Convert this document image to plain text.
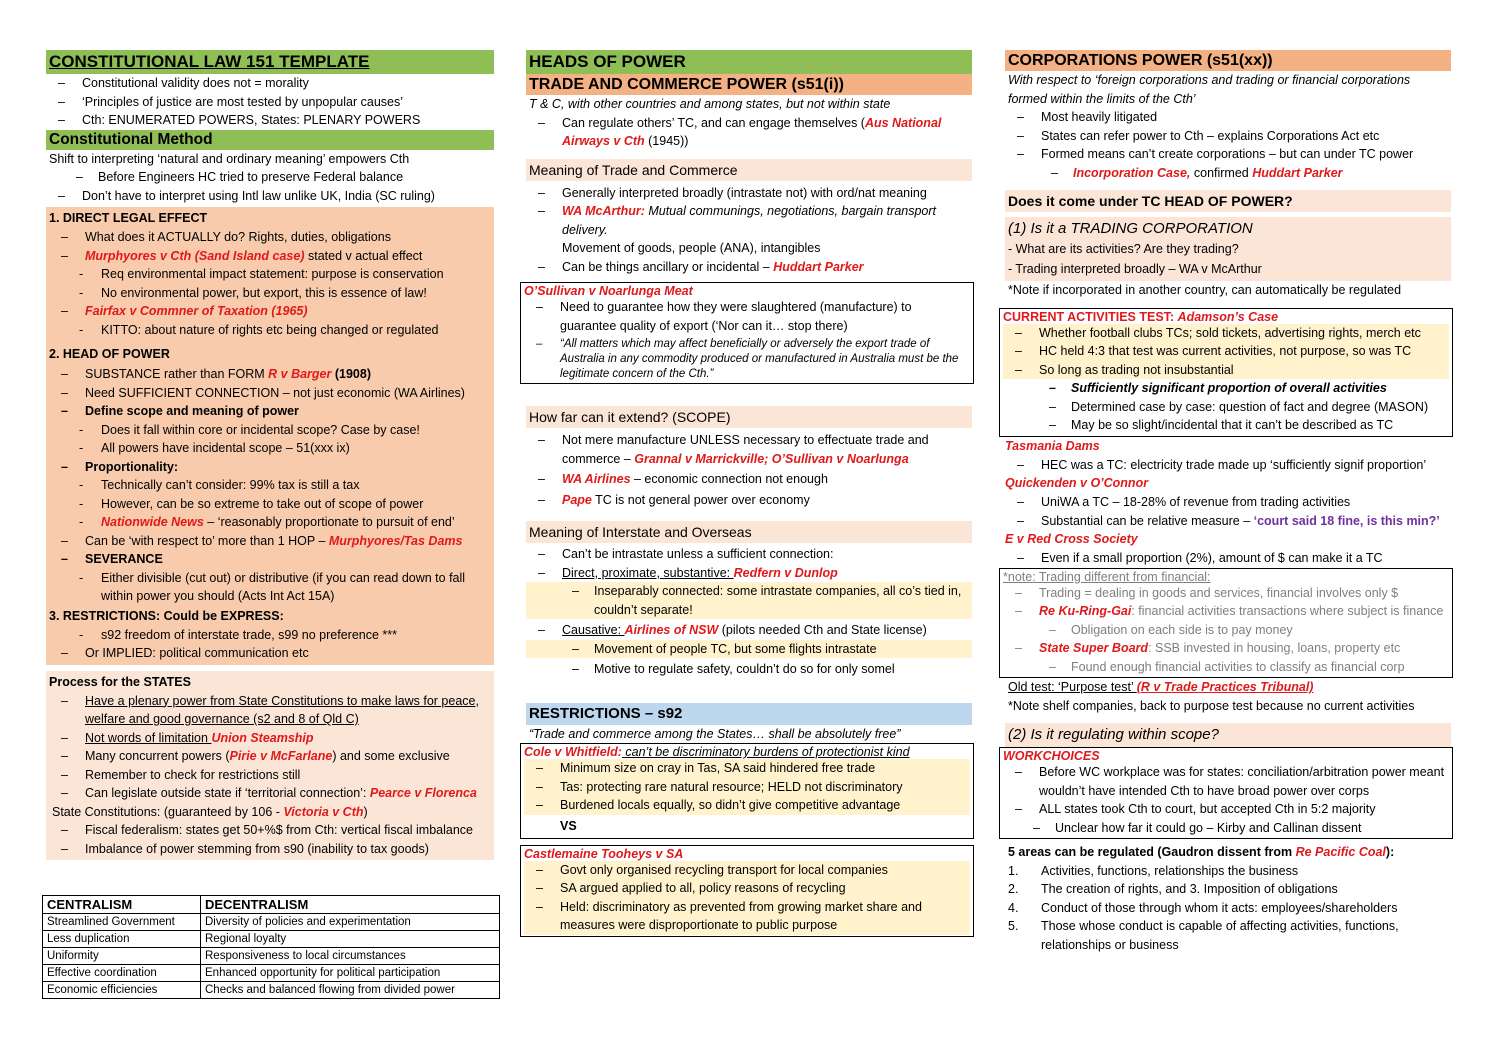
CONSTITUTIONAL LAW 151 TEMPLATE
– Constitutional validity does not = morality
– ‘Principles of justice are most tested by unpopular causes’
– Cth: ENUMERATED POWERS, States: PLENARY POWERS
Constitutional Method
Shift to interpreting ‘natural and ordinary meaning’ empowers Cth
– Before Engineers HC tried to preserve Federal balance
– Don’t have to interpret using Intl law unlike UK, India (SC ruling)
1. DIRECT LEGAL EFFECT
– What does it ACTUALLY do? Rights, duties, obligations
– Murphyores v Cth (Sand Island case) stated v actual effect
- Req environmental impact statement: purpose is conservation
- No environmental power, but export, this is essence of law!
– Fairfax v Commner of Taxation (1965)
- KITTO: about nature of rights etc being changed or regulated
2. HEAD OF POWER
– SUBSTANCE rather than FORM R v Barger (1908)
– Need SUFFICIENT CONNECTION – not just economic (WA Airlines)
– Define scope and meaning of power
- Does it fall within core or incidental scope? Case by case!
- All powers have incidental scope – 51(xxx ix)
– Proportionality:
- Technically can’t consider: 99% tax is still a tax
- However, can be so extreme to take out of scope of power
- Nationwide News – ‘reasonably proportionate to pursuit of end’
– Can be ‘with respect to’ more than 1 HOP – Murphyores/Tas Dams
– SEVERANCE
- Either divisible (cut out) or distributive (if you can read down to fall within power you should (Acts Int Act 15A)
3. RESTRICTIONS: Could be EXPRESS:
- s92 freedom of interstate trade, s99 no preference ***
– Or IMPLIED: political communication etc
Process for the STATES
– Have a plenary power from State Constitutions to make laws for peace, welfare and good governance (s2 and 8 of Qld C)
– Not words of limitation Union Steamship
– Many concurrent powers (Pirie v McFarlane) and some exclusive
– Remember to check for restrictions still
– Can legislate outside state if ‘territorial connection’: Pearce v Florenca
State Constitutions: (guaranteed by 106 - Victoria v Cth)
– Fiscal federalism: states get 50+%$ from Cth: vertical fiscal imbalance
– Imbalance of power stemming from s90 (inability to tax goods)
CENTRALISM	DECENTRALISM
Streamlined Government	Diversity of policies and experimentation
Less duplication	Regional loyalty
Uniformity	Responsiveness to local circumstances
Effective coordination	Enhanced opportunity for political participation
Economic efficiencies	Checks and balanced flowing from divided power
HEADS OF POWER
TRADE AND COMMERCE POWER (s51(i))
T & C, with other countries and among states, but not within state
– Can regulate others’ TC, and can engage themselves (Aus National Airways v Cth (1945))
Meaning of Trade and Commerce
– Generally interpreted broadly (intrastate not) with ord/nat meaning
– WA McArthur: Mutual communings, negotiations, bargain transport delivery.
Movement of goods, people (ANA), intangibles
– Can be things ancillary or incidental – Huddart Parker
O’Sullivan v Noarlunga Meat
– Need to guarantee how they were slaughtered (manufacture) to guarantee quality of export (‘Nor can it… stop there)
– “All matters which may affect beneficially or adversely the export trade of Australia in any commodity produced or manufactured in Australia must be the legitimate concern of the Cth.”
How far can it extend? (SCOPE)
– Not mere manufacture UNLESS necessary to effectuate trade and commerce – Grannal v Marrickville; O’Sullivan v Noarlunga
– WA Airlines – economic connection not enough
– Pape TC is not general power over economy
Meaning of Interstate and Overseas
– Can’t be intrastate unless a sufficient connection:
– Direct, proximate, substantive: Redfern v Dunlop
– Inseparably connected: some intrastate companies, all co’s tied in, couldn’t separate!
– Causative: Airlines of NSW (pilots needed Cth and State license)
– Movement of people TC, but some flights intrastate
– Motive to regulate safety, couldn’t do so for only somel
RESTRICTIONS – s92
“Trade and commerce among the States… shall be absolutely free”
Cole v Whitfield: can’t be discriminatory burdens of protectionist kind
– Minimum size on cray in Tas, SA said hindered free trade
– Tas: protecting rare natural resource; HELD not discriminatory
– Burdened locals equally, so didn’t give competitive advantage
VS
Castlemaine Tooheys v SA
– Govt only organised recycling transport for local companies
– SA argued applied to all, policy reasons of recycling
– Held: discriminatory as prevented from growing market share and measures were disproportionate to public purpose
CORPORATIONS POWER (s51(xx))
With respect to ‘foreign corporations and trading or financial corporations formed within the limits of the Cth’
– Most heavily litigated
– States can refer power to Cth – explains Corporations Act etc
– Formed means can’t create corporations – but can under TC power
– Incorporation Case, confirmed Huddart Parker
Does it come under TC HEAD OF POWER?
(1) Is it a TRADING CORPORATION
- What are its activities? Are they trading?
- Trading interpreted broadly – WA v McArthur
*Note if incorporated in another country, can automatically be regulated
CURRENT ACTIVITIES TEST: Adamson’s Case
– Whether football clubs TCs; sold tickets, advertising rights, merch etc
– HC held 4:3 that test was current activities, not purpose, so was TC
– So long as trading not insubstantial
– Sufficiently significant proportion of overall activities
– Determined case by case: question of fact and degree (MASON)
– May be so slight/incidental that it can’t be described as TC
Tasmania Dams
– HEC was a TC: electricity trade made up ‘sufficiently signif proportion’
Quickenden v O’Connor
– UniWA a TC – 18-28% of revenue from trading activities
– Substantial can be relative measure – ‘court said 18 fine, is this min?’
E v Red Cross Society
– Even if a small proportion (2%), amount of $ can make it a TC
*note: Trading different from financial:
– Trading = dealing in goods and services, financial involves only $
– Re Ku-Ring-Gai: financial activities transactions where subject is finance
– Obligation on each side is to pay money
– State Super Board: SSB invested in housing, loans, property etc
– Found enough financial activities to classify as financial corp
Old test: ‘Purpose test’ (R v Trade Practices Tribunal)
*Note shelf companies, back to purpose test because no current activities
(2) Is it regulating within scope?
WORKCHOICES
– Before WC workplace was for states: conciliation/arbitration power meant wouldn’t have intended Cth to have broad power over corps
– ALL states took Cth to court, but accepted Cth in 5:2 majority
– Unclear how far it could go – Kirby and Callinan dissent
5 areas can be regulated (Gaudron dissent from Re Pacific Coal):
1. Activities, functions, relationships the business
2. The creation of rights, and 3. Imposition of obligations
4. Conduct of those through whom it acts: employees/shareholders
5. Those whose conduct is capable of affecting activities, functions, relationships or business
